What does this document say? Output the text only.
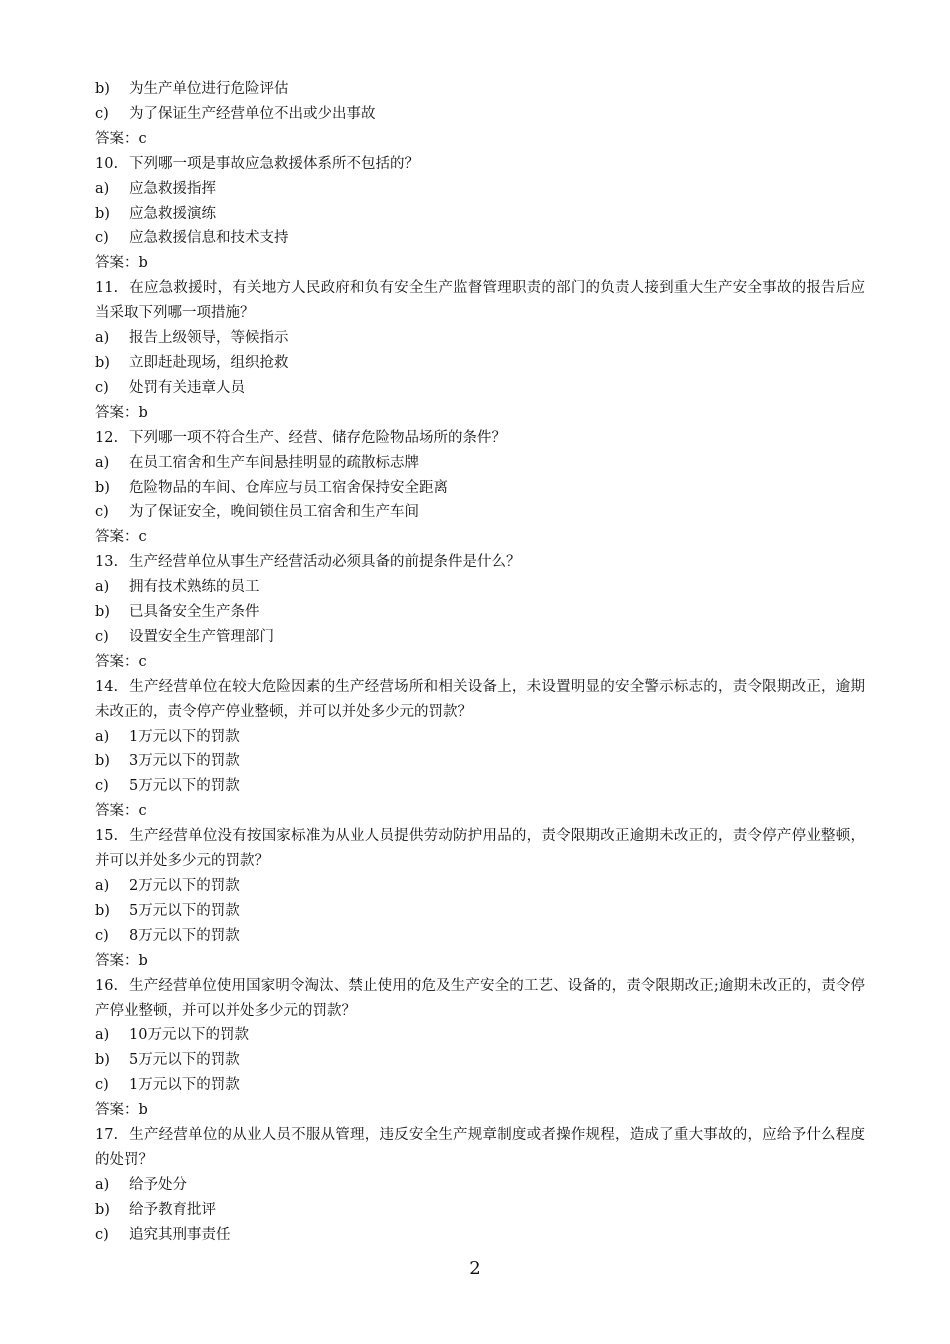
b)	为生产单位进行危险评估
c)	为了保证生产经营单位不出或少出事故
答案：c
10. 下列哪一项是事故应急救援体系所不包括的？
a)	应急救援指挥
b)	应急救援演练
c)	应急救援信息和技术支持
答案：b
11. 在应急救援时，有关地方人民政府和负有安全生产监督管理职责的部门的负责人接到重大生产安全事故的报告后应当采取下列哪一项措施？
a)	报告上级领导，等候指示
b)	立即赶赴现场，组织抢救
c)	处罚有关违章人员
答案：b
12. 下列哪一项不符合生产、经营、储存危险物品场所的条件？
a)	在员工宿舍和生产车间悬挂明显的疏散标志牌
b)	危险物品的车间、仓库应与员工宿舍保持安全距离
c)	为了保证安全，晚间锁住员工宿舍和生产车间
答案：c
13. 生产经营单位从事生产经营活动必须具备的前提条件是什么？
a)	拥有技术熟练的员工
b)	已具备安全生产条件
c)	设置安全生产管理部门
答案：c
14. 生产经营单位在较大危险因素的生产经营场所和相关设备上，未设置明显的安全警示标志的，责令限期改正，逾期未改正的，责令停产停业整顿，并可以并处多少元的罚款？
a)	1万元以下的罚款
b)	3万元以下的罚款
c)	5万元以下的罚款
答案：c
15. 生产经营单位没有按国家标准为从业人员提供劳动防护用品的，责令限期改正逾期未改正的，责令停产停业整顿，并可以并处多少元的罚款？
a)	2万元以下的罚款
b)	5万元以下的罚款
c)	8万元以下的罚款
答案：b
16. 生产经营单位使用国家明令淘汰、禁止使用的危及生产安全的工艺、设备的，责令限期改正;逾期未改正的，责令停产停业整顿，并可以并处多少元的罚款？
a)	10万元以下的罚款
b)	5万元以下的罚款
c)	1万元以下的罚款
答案：b
17. 生产经营单位的从业人员不服从管理，违反安全生产规章制度或者操作规程，造成了重大事故的，应给予什么程度的处罚？
a)	给予处分
b)	给予教育批评
c)	追究其刑事责任
2
